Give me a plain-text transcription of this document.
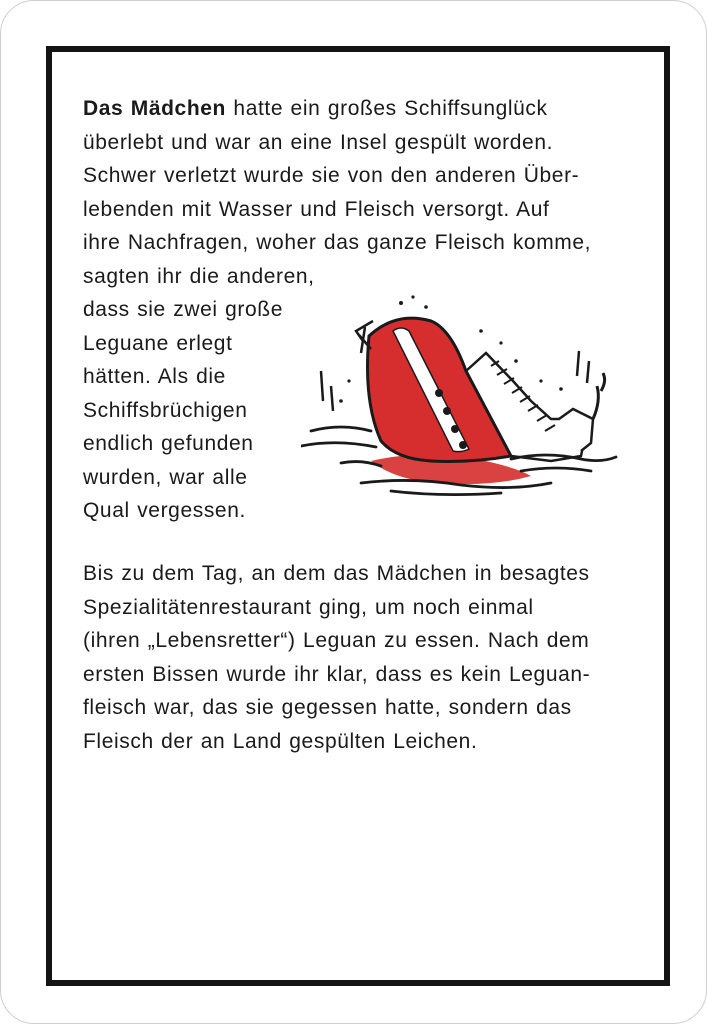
Das Mädchen hatte ein großes Schiffsunglück
überlebt und war an eine Insel gespült worden.
Schwer verletzt wurde sie von den anderen Über-
lebenden mit Wasser und Fleisch versorgt. Auf
ihre Nachfragen, woher das ganze Fleisch komme,
sagten ihr die anderen,
dass sie zwei große
Leguane erlegt
hätten. Als die
Schiffsbrüchigen
endlich gefunden
wurden, war alle
Qual vergessen.
Bis zu dem Tag, an dem das Mädchen in besagtes
Spezialitätenrestaurant ging, um noch einmal
(ihren „Lebensretter“) Leguan zu essen. Nach dem
ersten Bissen wurde ihr klar, dass es kein Leguan-
fleisch war, das sie gegessen hatte, sondern das
Fleisch der an Land gespülten Leichen.
